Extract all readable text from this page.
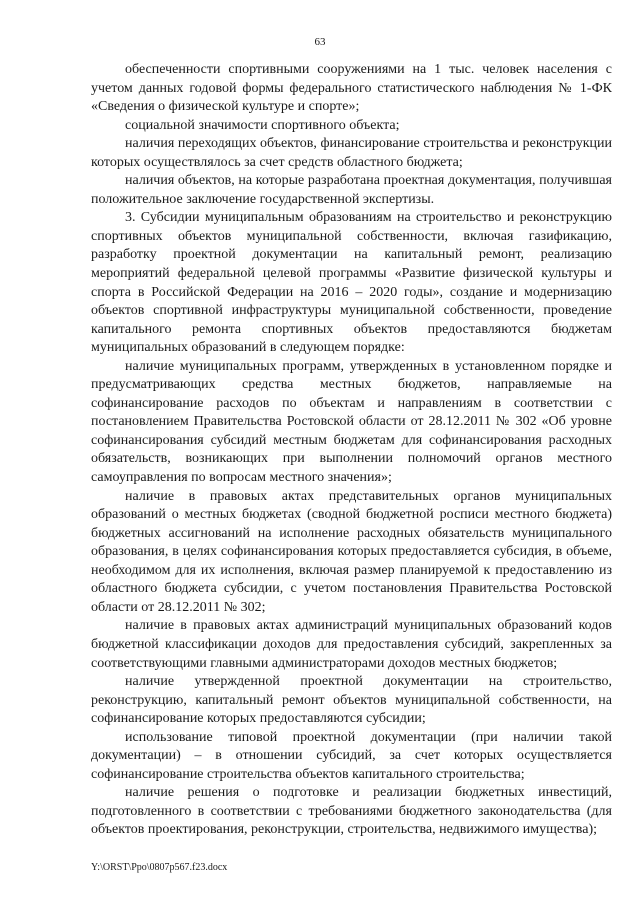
63

обеспеченности спортивными сооружениями на 1 тыс. человек населения с учетом данных годовой формы федерального статистического наблюдения № 1-ФК «Сведения о физической культуре и спорте»;

социальной значимости спортивного объекта;

наличия переходящих объектов, финансирование строительства и реконструкции которых осуществлялось за счет средств областного бюджета;

наличия объектов, на которые разработана проектная документация, получившая положительное заключение государственной экспертизы.

3. Субсидии муниципальным образованиям на строительство и реконструкцию спортивных объектов муниципальной собственности, включая газификацию, разработку проектной документации на капитальный ремонт, реализацию мероприятий федеральной целевой программы «Развитие физической культуры и спорта в Российской Федерации на 2016 – 2020 годы», создание и модернизацию объектов спортивной инфраструктуры муниципальной собственности, проведение капитального ремонта спортивных объектов предоставляются бюджетам муниципальных образований в следующем порядке:

наличие муниципальных программ, утвержденных в установленном порядке и предусматривающих средства местных бюджетов, направляемые на софинансирование расходов по объектам и направлениям в соответствии с постановлением Правительства Ростовской области от 28.12.2011 № 302 «Об уровне софинансирования субсидий местным бюджетам для софинансирования расходных обязательств, возникающих при выполнении полномочий органов местного самоуправления по вопросам местного значения»;

наличие в правовых актах представительных органов муниципальных образований о местных бюджетах (сводной бюджетной росписи местного бюджета) бюджетных ассигнований на исполнение расходных обязательств муниципального образования, в целях софинансирования которых предоставляется субсидия, в объеме, необходимом для их исполнения, включая размер планируемой к предоставлению из областного бюджета субсидии, с учетом постановления Правительства Ростовской области от 28.12.2011 № 302;

наличие в правовых актах администраций муниципальных образований кодов бюджетной классификации доходов для предоставления субсидий, закрепленных за соответствующими главными администраторами доходов местных бюджетов;

наличие утвержденной проектной документации на строительство, реконструкцию, капитальный ремонт объектов муниципальной собственности, на софинансирование которых предоставляются субсидии;

использование типовой проектной документации (при наличии такой документации) – в отношении субсидий, за счет которых осуществляется софинансирование строительства объектов капитального строительства;

наличие решения о подготовке и реализации бюджетных инвестиций, подготовленного в соответствии с требованиями бюджетного законодательства (для объектов проектирования, реконструкции, строительства, недвижимого имущества);

Y:\ORST\Ppo\0807p567.f23.docx
